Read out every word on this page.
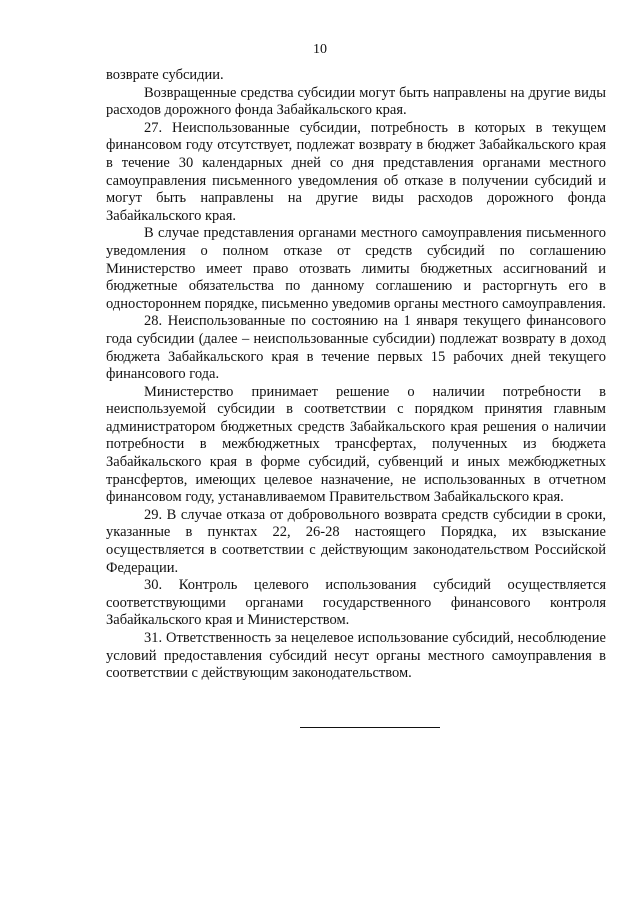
10

возврате субсидии.

Возвращенные средства субсидии могут быть направлены на другие виды расходов дорожного фонда Забайкальского края.

27. Неиспользованные субсидии, потребность в которых в текущем финансовом году отсутствует, подлежат возврату в бюджет Забайкальского края в течение 30 календарных дней со дня представления органами местного самоуправления письменного уведомления об отказе в получении субсидий и могут быть направлены на другие виды расходов дорожного фонда Забайкальского края.

В случае представления органами местного самоуправления письменного уведомления о полном отказе от средств субсидий по соглашению Министерство имеет право отозвать лимиты бюджетных ассигнований и бюджетные обязательства по данному соглашению и расторгнуть его в одностороннем порядке, письменно уведомив органы местного самоуправления.

28. Неиспользованные по состоянию на 1 января текущего финансового года субсидии (далее – неиспользованные субсидии) подлежат возврату в доход бюджета Забайкальского края в течение первых 15 рабочих дней текущего финансового года.

Министерство принимает решение о наличии потребности в неиспользуемой субсидии в соответствии с порядком принятия главным администратором бюджетных средств Забайкальского края решения о наличии потребности в межбюджетных трансфертах, полученных из бюджета Забайкальского края в форме субсидий, субвенций и иных межбюджетных трансфертов, имеющих целевое назначение, не использованных в отчетном финансовом году, устанавливаемом Правительством Забайкальского края.

29. В случае отказа от добровольного возврата средств субсидии в сроки, указанные в пунктах 22, 26-28 настоящего Порядка, их взыскание осуществляется в соответствии с действующим законодательством Российской Федерации.

30. Контроль целевого использования субсидий осуществляется соответствующими органами государственного финансового контроля Забайкальского края и Министерством.

31. Ответственность за нецелевое использование субсидий, несоблюдение условий предоставления субсидий несут органы местного самоуправления в соответствии с действующим законодательством.
